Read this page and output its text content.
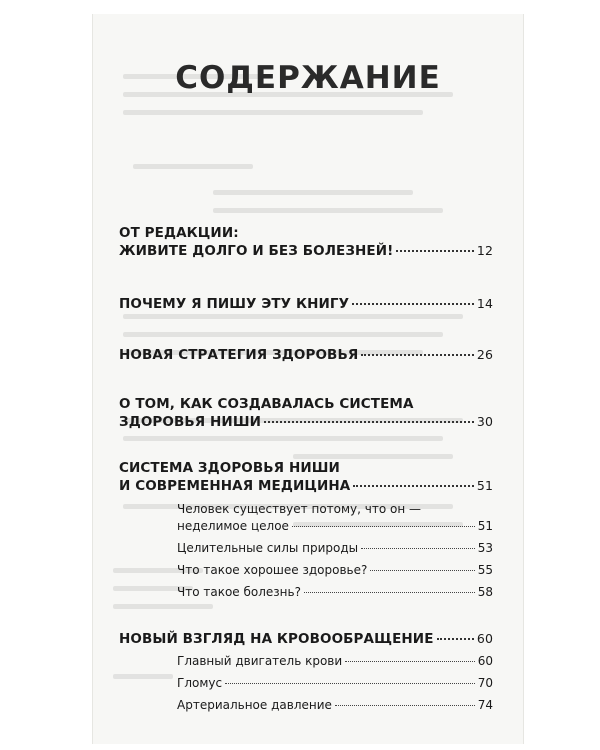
СОДЕРЖАНИЕ
ОТ РЕДАКЦИИ:
ЖИВИТЕ ДОЛГО И БЕЗ БОЛЕЗНЕЙ!	12
ПОЧЕМУ Я ПИШУ ЭТУ КНИГУ	14
НОВАЯ СТРАТЕГИЯ ЗДОРОВЬЯ	26
О ТОМ, КАК СОЗДАВАЛАСЬ СИСТЕМА
ЗДОРОВЬЯ НИШИ	30
СИСТЕМА ЗДОРОВЬЯ НИШИ
И СОВРЕМЕННАЯ МЕДИЦИНА	51
Человек существует потому, что он —
неделимое целое	51
Целительные силы природы	53
Что такое хорошее здоровье?	55
Что такое болезнь?	58
НОВЫЙ ВЗГЛЯД НА КРОВООБРАЩЕНИЕ	60
Главный двигатель крови	60
Гломус	70
Артериальное давление	74
